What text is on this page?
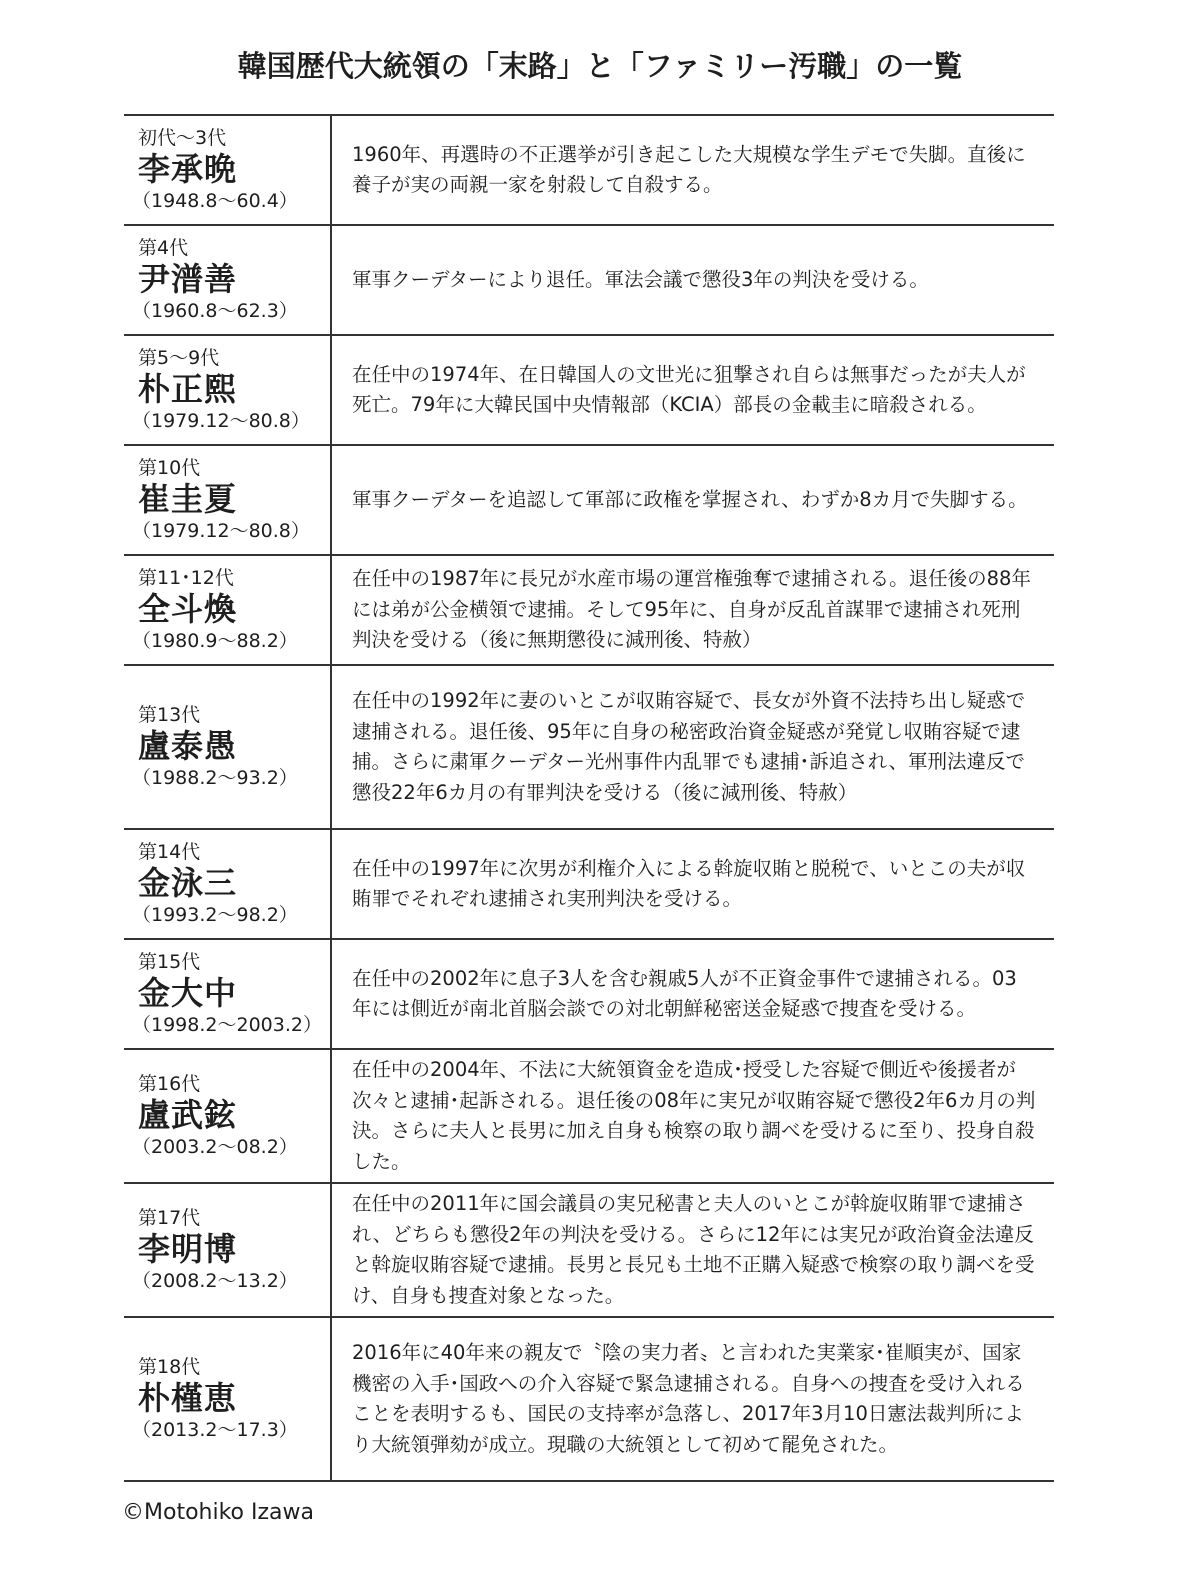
韓国歴代大統領の「末路」と「ファミリー汚職」の一覧
初代～3代
李承晩
（1948.8～60.4）
1960年、再選時の不正選挙が引き起こした大規模な学生デモで失脚。直後に養子が実の両親一家を射殺して自殺する。
第4代
尹潽善
（1960.8～62.3）
軍事クーデターにより退任。軍法会議で懲役3年の判決を受ける。
第5～9代
朴正熙
（1979.12～80.8）
在任中の1974年、在日韓国人の文世光に狙撃され自らは無事だったが夫人が死亡。79年に大韓民国中央情報部（KCIA）部長の金載圭に暗殺される。
第10代
崔圭夏
（1979.12～80.8）
軍事クーデターを追認して軍部に政権を掌握され、わずか8カ月で失脚する。
第11･12代
全斗煥
（1980.9～88.2）
在任中の1987年に長兄が水産市場の運営権強奪で逮捕される。退任後の88年には弟が公金横領で逮捕。そして95年に、自身が反乱首謀罪で逮捕され死刑判決を受ける（後に無期懲役に減刑後、特赦）
第13代
盧泰愚
（1988.2～93.2）
在任中の1992年に妻のいとこが収賄容疑で、長女が外資不法持ち出し疑惑で逮捕される。退任後、95年に自身の秘密政治資金疑惑が発覚し収賄容疑で逮捕。さらに粛軍クーデター光州事件内乱罪でも逮捕･訴追され、軍刑法違反で懲役22年6カ月の有罪判決を受ける（後に減刑後、特赦）
第14代
金泳三
（1993.2～98.2）
在任中の1997年に次男が利権介入による斡旋収賄と脱税で、いとこの夫が収賄罪でそれぞれ逮捕され実刑判決を受ける。
第15代
金大中
（1998.2～2003.2）
在任中の2002年に息子3人を含む親戚5人が不正資金事件で逮捕される。03年には側近が南北首脳会談での対北朝鮮秘密送金疑惑で捜査を受ける。
第16代
盧武鉉
（2003.2～08.2）
在任中の2004年、不法に大統領資金を造成･授受した容疑で側近や後援者が次々と逮捕･起訴される。退任後の08年に実兄が収賄容疑で懲役2年6カ月の判決。さらに夫人と長男に加え自身も検察の取り調べを受けるに至り、投身自殺した。
第17代
李明博
（2008.2～13.2）
在任中の2011年に国会議員の実兄秘書と夫人のいとこが斡旋収賄罪で逮捕され、どちらも懲役2年の判決を受ける。さらに12年には実兄が政治資金法違反と斡旋収賄容疑で逮捕。長男と長兄も土地不正購入疑惑で検察の取り調べを受け、自身も捜査対象となった。
第18代
朴槿恵
（2013.2～17.3）
2016年に40年来の親友で〝陰の実力者〟と言われた実業家･崔順実が、国家機密の入手･国政への介入容疑で緊急逮捕される。自身への捜査を受け入れることを表明するも、国民の支持率が急落し、2017年3月10日憲法裁判所により大統領弾劾が成立。現職の大統領として初めて罷免された。
©Motohiko Izawa
